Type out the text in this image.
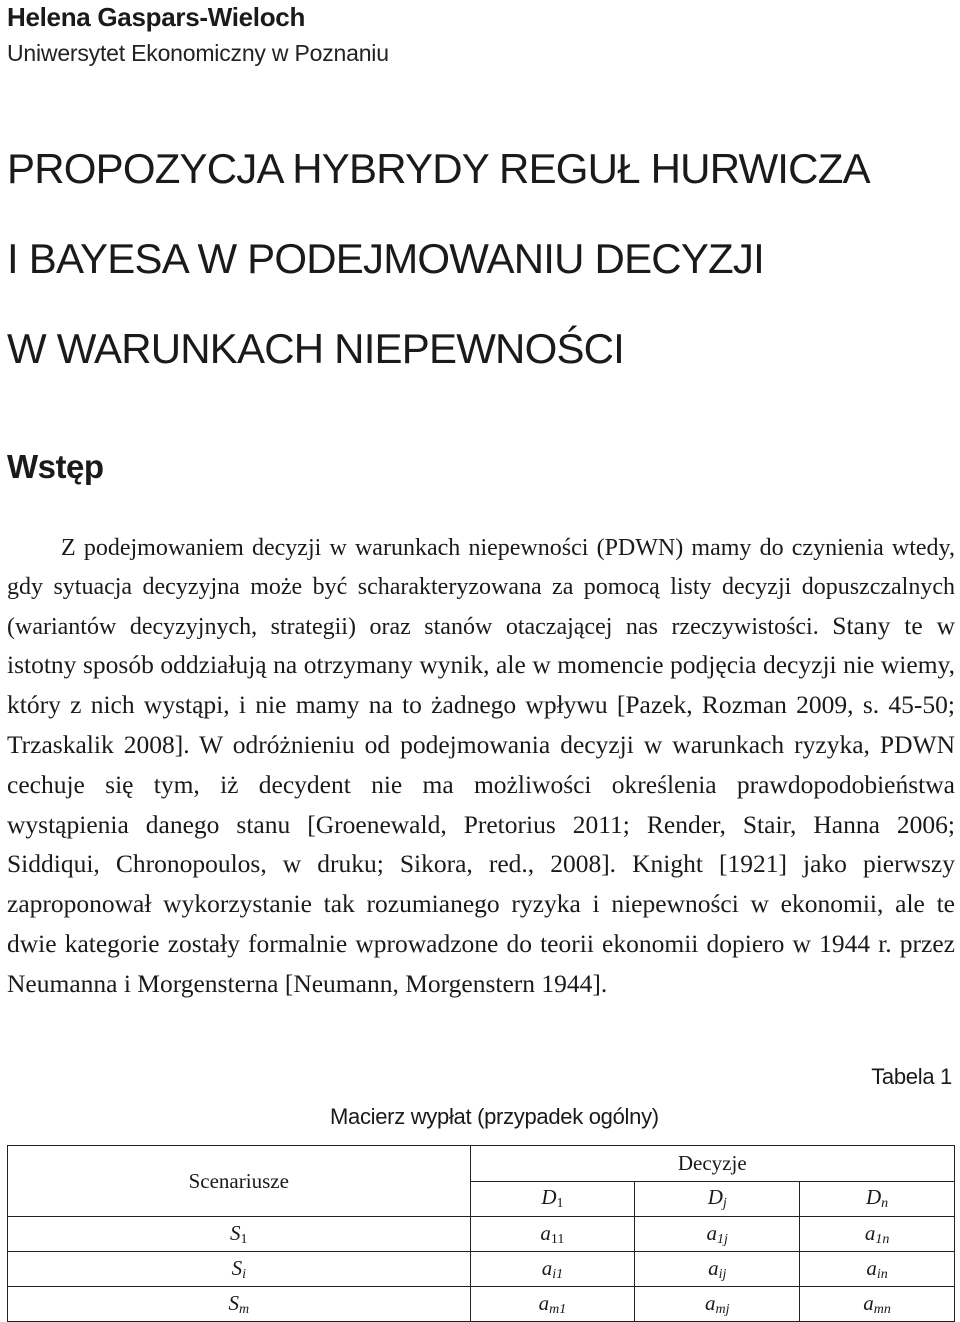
Helena Gaspars-Wieloch
Uniwersytet Ekonomiczny w Poznaniu
PROPOZYCJA HYBRYDY REGUŁ HURWICZA
I BAYESA W PODEJMOWANIU DECYZJI
W WARUNKACH NIEPEWNOŚCI
Wstęp
Z podejmowaniem decyzji w warunkach niepewności (PDWN) mamy do czynienia wtedy, gdy sytuacja decyzyjna może być scharakteryzowana za pomocą listy decyzji dopuszczalnych (wariantów decyzyjnych, strategii) oraz stanów otaczającej nas rzeczywistości. Stany te w istotny sposób oddziałują na otrzymany wynik, ale w momencie podjęcia decyzji nie wiemy, który z nich wystąpi, i nie mamy na to żadnego wpływu [Pazek, Rozman 2009, s. 45-50; Trzaskalik 2008]. W odróżnieniu od podejmowania decyzji w warunkach ryzyka, PDWN cechuje się tym, iż decydent nie ma możliwości określenia prawdopodobieństwa wystąpienia danego stanu [Groenewald, Pretorius 2011; Render, Stair, Hanna 2006; Siddiqui, Chronopoulos, w druku; Sikora, red., 2008]. Knight [1921] jako pierwszy zaproponował wykorzystanie tak rozumianego ryzyka i niepewności w ekonomii, ale te dwie kategorie zostały formalnie wprowadzone do teorii ekonomii dopiero w 1944 r. przez Neumanna i Morgensterna [Neumann, Morgenstern 1944].
Tabela 1
Macierz wypłat (przypadek ogólny)
Scenariusze	Decyzje		
	$D_1$	$D_j$	$D_n$
$S_1$	$a_{11}$	$a_{1j}$	$a_{1n}$
$S_i$	$a_{i1}$	$a_{ij}$	$a_{in}$
$S_m$	$a_{m1}$	$a_{mj}$	$a_{mn}$
